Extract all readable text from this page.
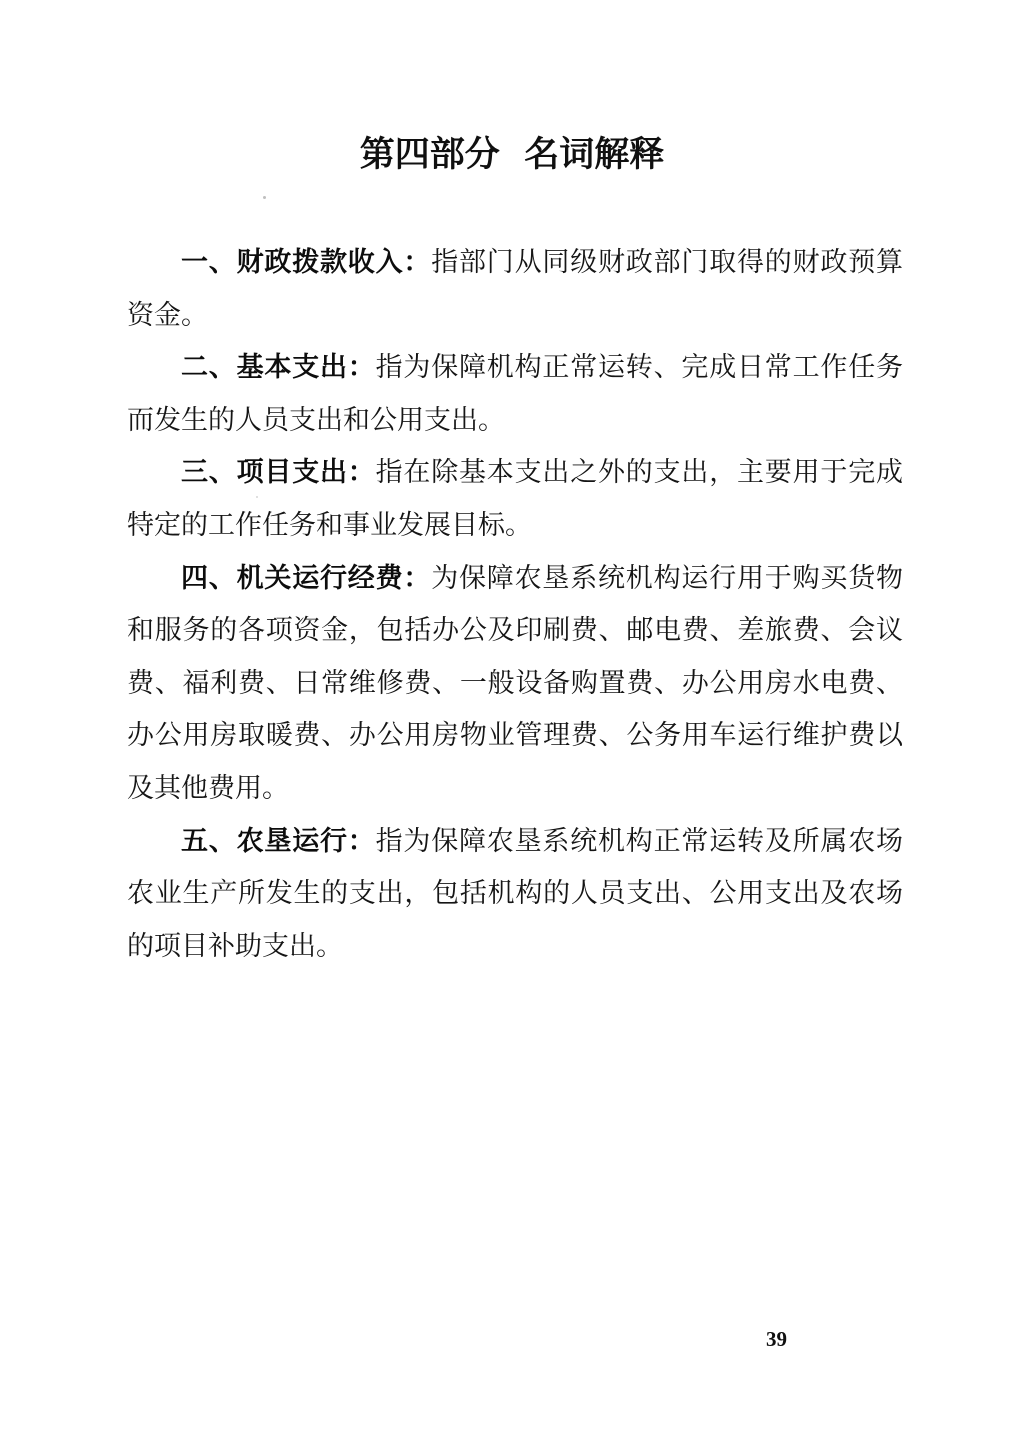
第四部分 名词解释
一、财政拨款收入：指部门从同级财政部门取得的财政预算
资金。
二、基本支出：指为保障机构正常运转、完成日常工作任务
而发生的人员支出和公用支出。
三、项目支出：指在除基本支出之外的支出，主要用于完成
特定的工作任务和事业发展目标。
四、机关运行经费：为保障农垦系统机构运行用于购买货物
和服务的各项资金，包括办公及印刷费、邮电费、差旅费、会议
费、福利费、日常维修费、一般设备购置费、办公用房水电费、
办公用房取暖费、办公用房物业管理费、公务用车运行维护费以
及其他费用。
五、农垦运行：指为保障农垦系统机构正常运转及所属农场
农业生产所发生的支出，包括机构的人员支出、公用支出及农场
的项目补助支出。
39
